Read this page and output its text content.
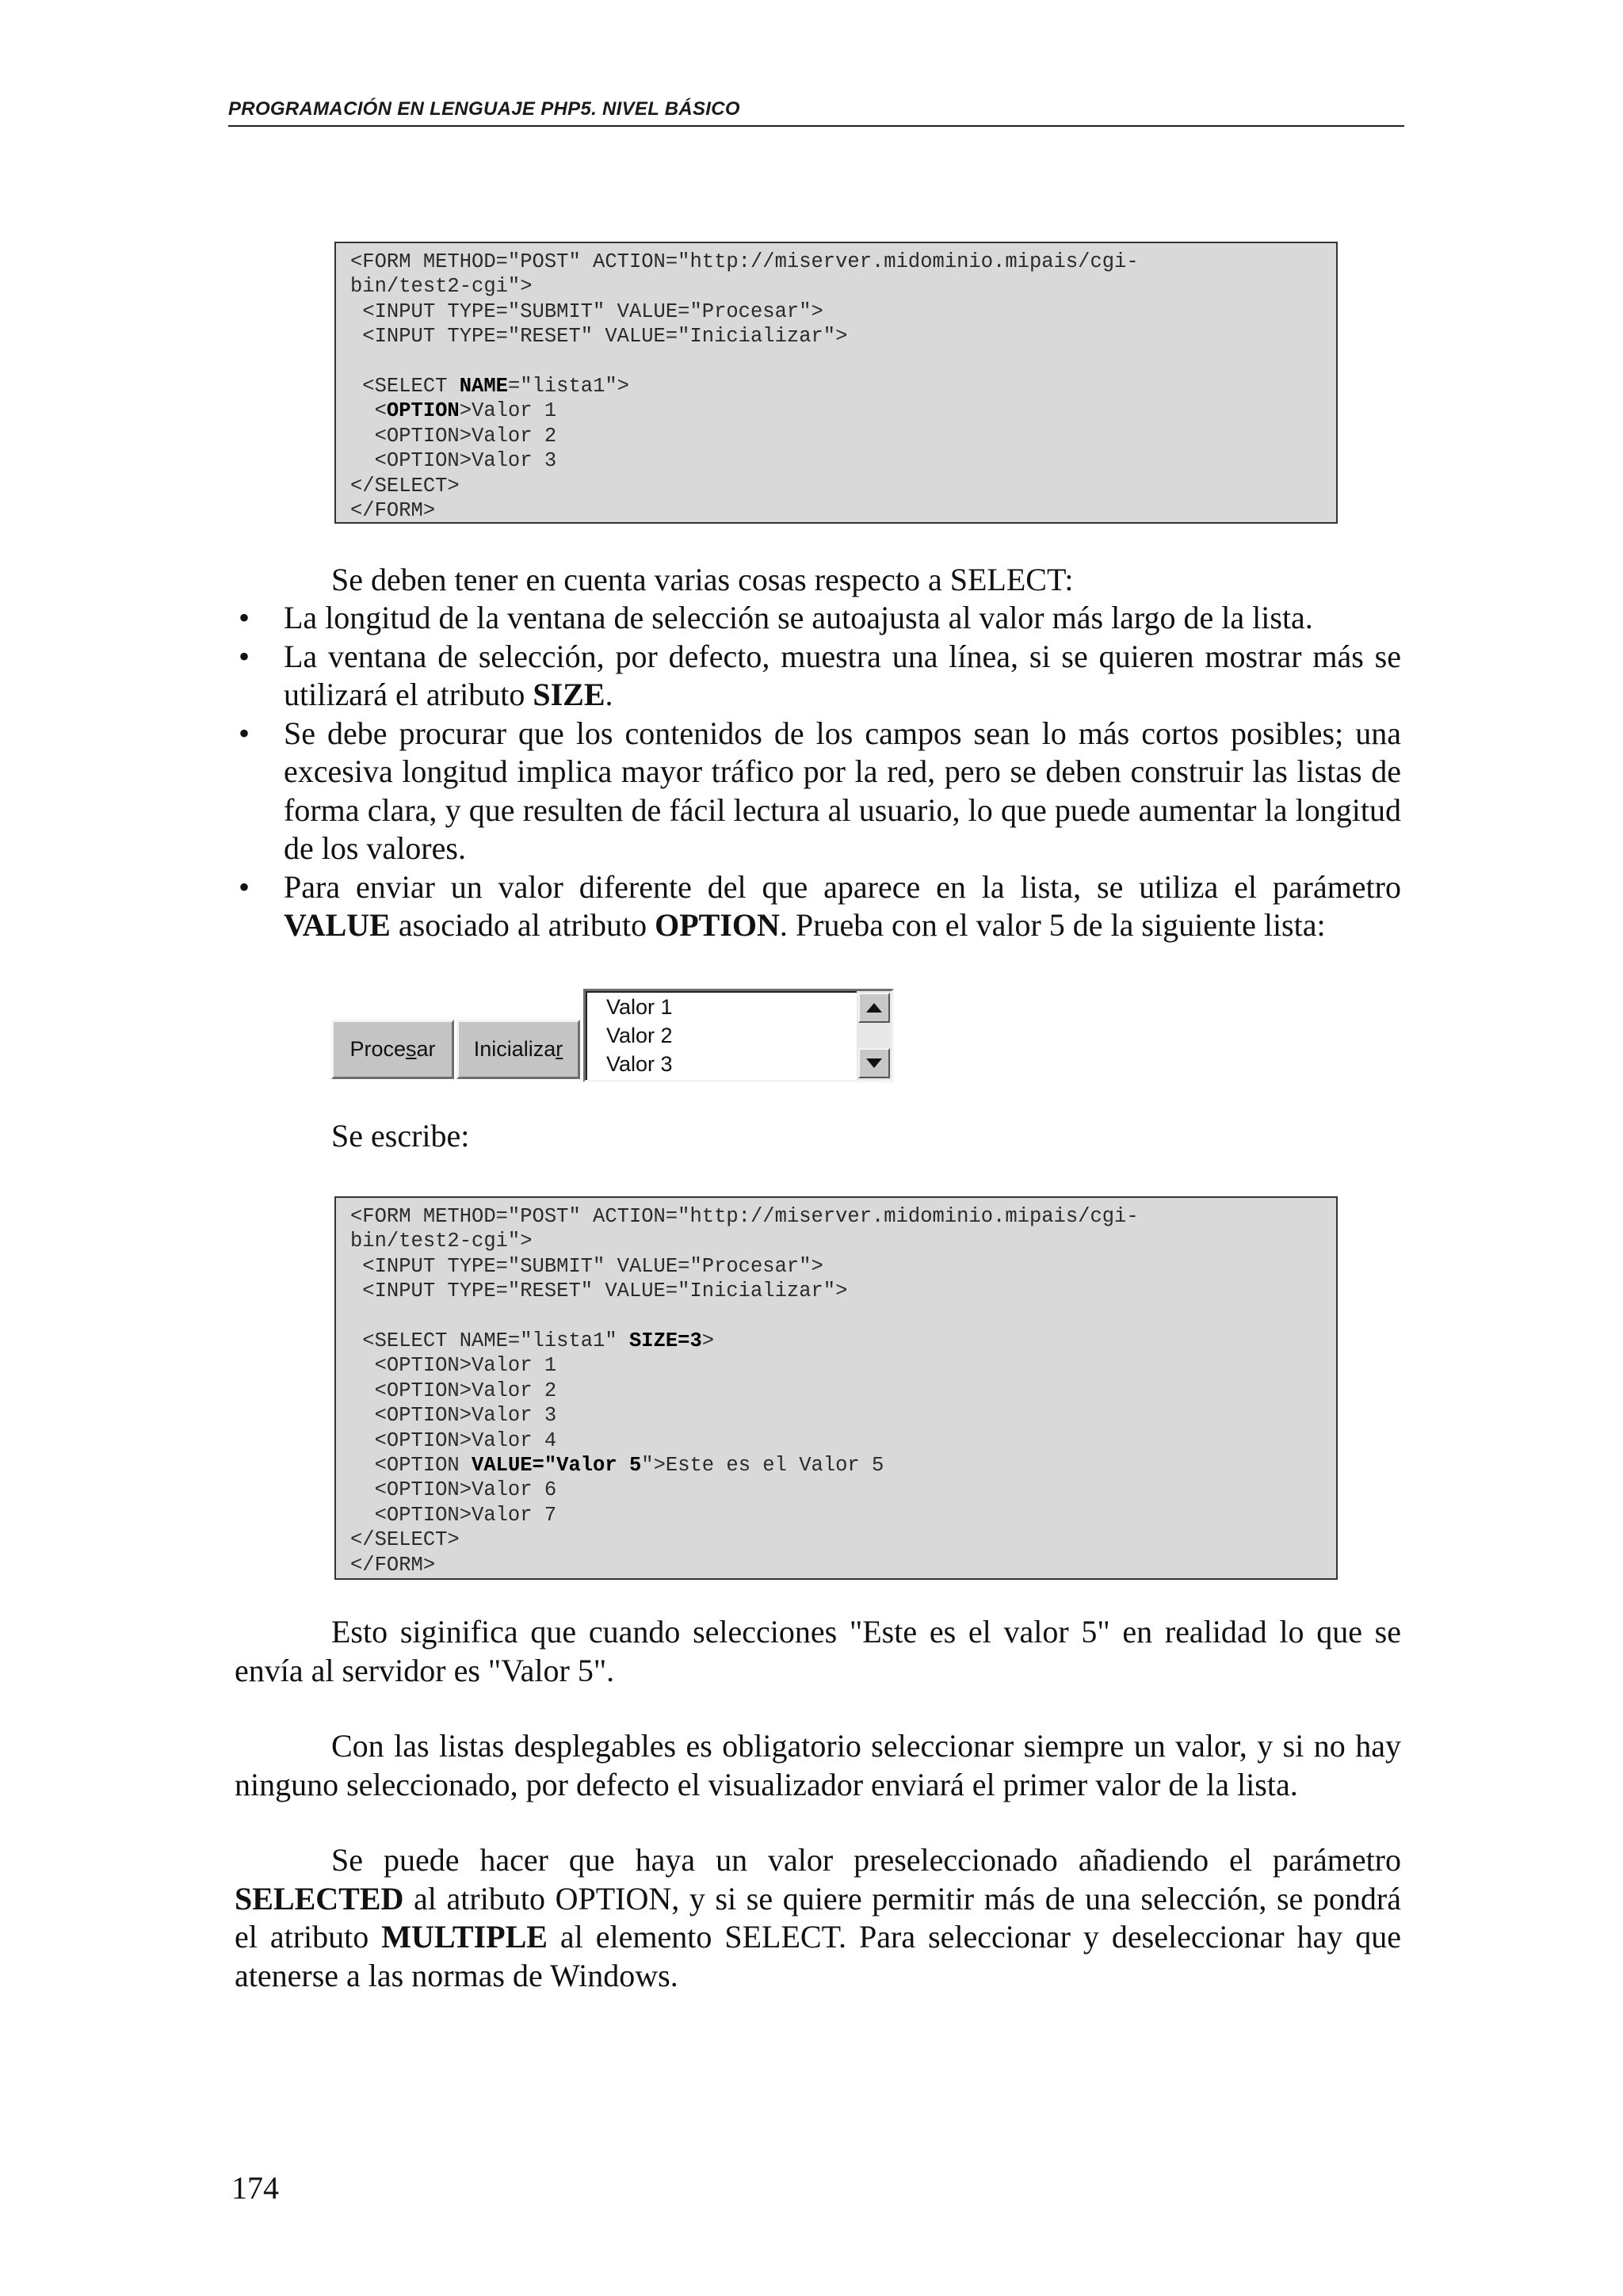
PROGRAMACIÓN EN LENGUAJE PHP5. NIVEL BÁSICO
<FORM METHOD="POST" ACTION="http://miserver.midominio.mipais/cgi-
bin/test2-cgi">
<INPUT TYPE="SUBMIT" VALUE="Procesar">
<INPUT TYPE="RESET" VALUE="Inicializar">
<SELECT NAME="lista1">
<OPTION>Valor 1
<OPTION>Valor 2
<OPTION>Valor 3
</SELECT>
</FORM>
Se deben tener en cuenta varias cosas respecto a SELECT:
• La longitud de la ventana de selección se autoajusta al valor más largo de la lista.
• La ventana de selección, por defecto, muestra una línea, si se quieren mostrar más se utilizará el atributo SIZE.
• Se debe procurar que los contenidos de los campos sean lo más cortos posibles; una excesiva longitud implica mayor tráfico por la red, pero se deben construir las listas de forma clara, y que resulten de fácil lectura al usuario, lo que puede aumentar la longitud de los valores.
• Para enviar un valor diferente del que aparece en la lista, se utiliza el parámetro VALUE asociado al atributo OPTION. Prueba con el valor 5 de la siguiente lista:
Proce s ar Inicializa r
Valor 1
Valor 2
Valor 3
Se escribe:
<FORM METHOD="POST" ACTION="http://miserver.midominio.mipais/cgi-
bin/test2-cgi">
<INPUT TYPE="SUBMIT" VALUE="Procesar">
<INPUT TYPE="RESET" VALUE="Inicializar">
<SELECT NAME="lista1" SIZE=3>
<OPTION>Valor 1
<OPTION>Valor 2
<OPTION>Valor 3
<OPTION>Valor 4
<OPTION VALUE="Valor 5">Este es el Valor 5
<OPTION>Valor 6
<OPTION>Valor 7
</SELECT>
</FORM>
Esto siginifica que cuando selecciones "Este es el valor 5" en realidad lo que se envía al servidor es "Valor 5".
Con las listas desplegables es obligatorio seleccionar siempre un valor, y si no hay ninguno seleccionado, por defecto el visualizador enviará el primer valor de la lista.
Se puede hacer que haya un valor preseleccionado añadiendo el parámetro SELECTED al atributo OPTION, y si se quiere permitir más de una selección, se pondrá el atributo MULTIPLE al elemento SELECT. Para seleccionar y deseleccionar hay que atenerse a las normas de Windows.
174
